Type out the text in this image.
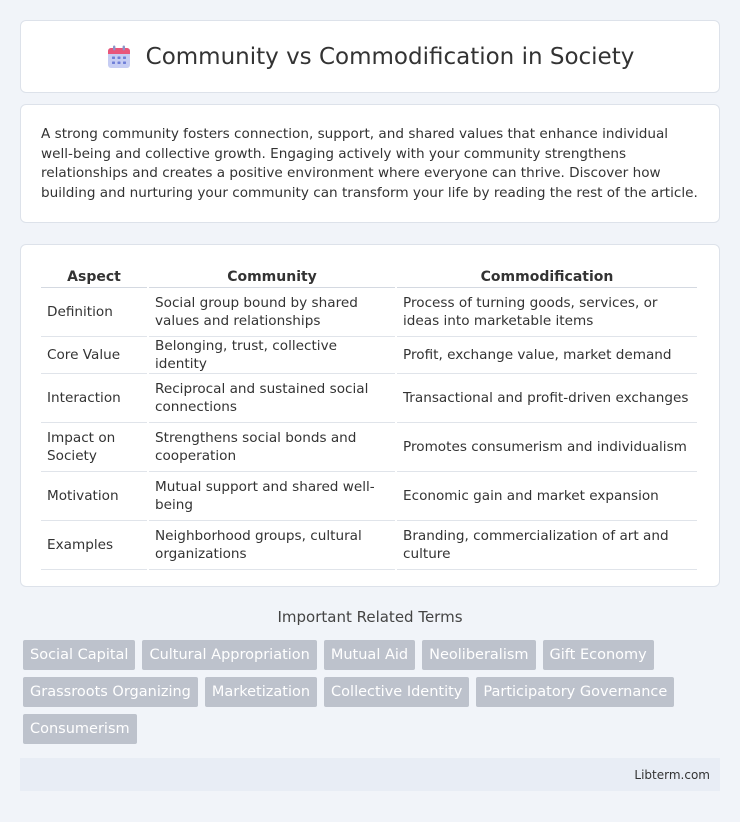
Community vs Commodification in Society

A strong community fosters connection, support, and shared values that enhance individual well-being and collective growth. Engaging actively with your community strengthens relationships and creates a positive environment where everyone can thrive. Discover how building and nurturing your community can transform your life by reading the rest of the article.

Aspect	Community	Commodification
Definition	Social group bound by shared values and relationships	Process of turning goods, services, or ideas into marketable items
Core Value	Belonging, trust, collective identity	Profit, exchange value, market demand
Interaction	Reciprocal and sustained social connections	Transactional and profit-driven exchanges
Impact on Society	Strengthens social bonds and cooperation	Promotes consumerism and individualism
Motivation	Mutual support and shared well-being	Economic gain and market expansion
Examples	Neighborhood groups, cultural organizations	Branding, commercialization of art and culture
Important Related Terms
Social Capital	Cultural Appropriation	Mutual Aid	Neoliberalism	Gift Economy
Grassroots Organizing	Marketization	Collective Identity	Participatory Governance
Consumerism
Libterm.com
